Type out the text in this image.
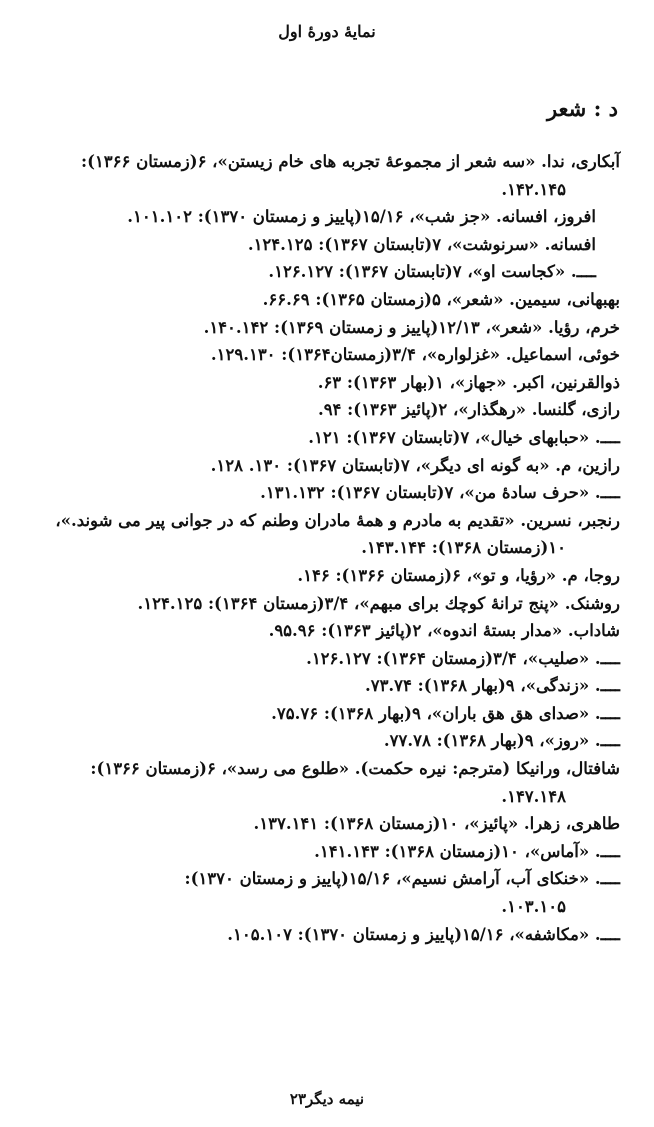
نمایهٔ دورهٔ اول
د : شعر
آبکاری، ندا. «سه شعر از مجموعهٔ تجربه های خام زیستن»، ۶(زمستان ۱۳۶۶):
۱۴۲.۱۴۵.
افروز، افسانه. «جز شب»، ۱۵/۱۶(پاییز و زمستان ۱۳۷۰): ۱۰۱.۱۰۲.
افسانه. «سرنوشت»، ۷(تابستان ۱۳۶۷): ۱۲۴.۱۲۵.
ــــ. «کجاست او»، ۷(تابستان ۱۳۶۷): ۱۲۶.۱۲۷.
بهبهانی، سیمین. «شعر»، ۵(زمستان ۱۳۶۵): ۶۶.۶۹.
خرم، رؤیا. «شعر»، ۱۲/۱۳(پاییز و زمستان ۱۳۶۹): ۱۴۰.۱۴۲.
خوئی، اسماعیل. «غزلواره»، ۳/۴(زمستان۱۳۶۴): ۱۲۹.۱۳۰.
ذوالقرنین، اکبر. «جهاز»، ۱(بهار ۱۳۶۳): ۶۳.
رازی، گلنسا. «رهگذار»، ۲(پائیز ۱۳۶۳): ۹۴.
ــــ. «حبابهای خیال»، ۷(تابستان ۱۳۶۷): ۱۲۱.
رازین، م. «به گونه ای دیگر»، ۷(تابستان ۱۳۶۷): ۱۳۰. ۱۲۸.
ــــ. «حرف سادهٔ من»، ۷(تابستان ۱۳۶۷): ۱۳۱.۱۳۲.
رنجبر، نسرین. «تقدیم به مادرم و همهٔ مادران وطنم که در جوانی پیر می شوند.»،
۱۰(زمستان ۱۳۶۸): ۱۴۳.۱۴۴.
روجا، م. «رؤیا، و تو»، ۶(زمستان ۱۳۶۶): ۱۴۶.
روشنک. «پنج ترانهٔ کوچك برای مبهم»، ۳/۴(زمستان ۱۳۶۴): ۱۲۴.۱۲۵.
شاداب. «مدار بستهٔ اندوه»، ۲(پائیز ۱۳۶۳): ۹۵.۹۶.
ــــ. «صلیب»، ۳/۴(زمستان ۱۳۶۴): ۱۲۶.۱۲۷.
ــــ. «زندگی»، ۹(بهار ۱۳۶۸): ۷۳.۷۴.
ــــ. «صدای هق هق باران»، ۹(بهار ۱۳۶۸): ۷۵.۷۶.
ــــ. «روز»، ۹(بهار ۱۳۶۸): ۷۷.۷۸.
شافتال، ورانیکا (مترجم: نیره حکمت). «طلوع می رسد»، ۶(زمستان ۱۳۶۶):
۱۴۷.۱۴۸.
طاهری، زهرا. «پائیز»، ۱۰(زمستان ۱۳۶۸): ۱۳۷.۱۴۱.
ــــ. «آماس»، ۱۰(زمستان ۱۳۶۸): ۱۴۱.۱۴۳.
ــــ. «خنکای آب، آرامش نسیم»، ۱۵/۱۶(پاییز و زمستان ۱۳۷۰):
۱۰۳.۱۰۵.
ــــ. «مکاشفه»، ۱۵/۱۶(پاییز و زمستان ۱۳۷۰): ۱۰۵.۱۰۷.
نیمه دیگر۲۳
